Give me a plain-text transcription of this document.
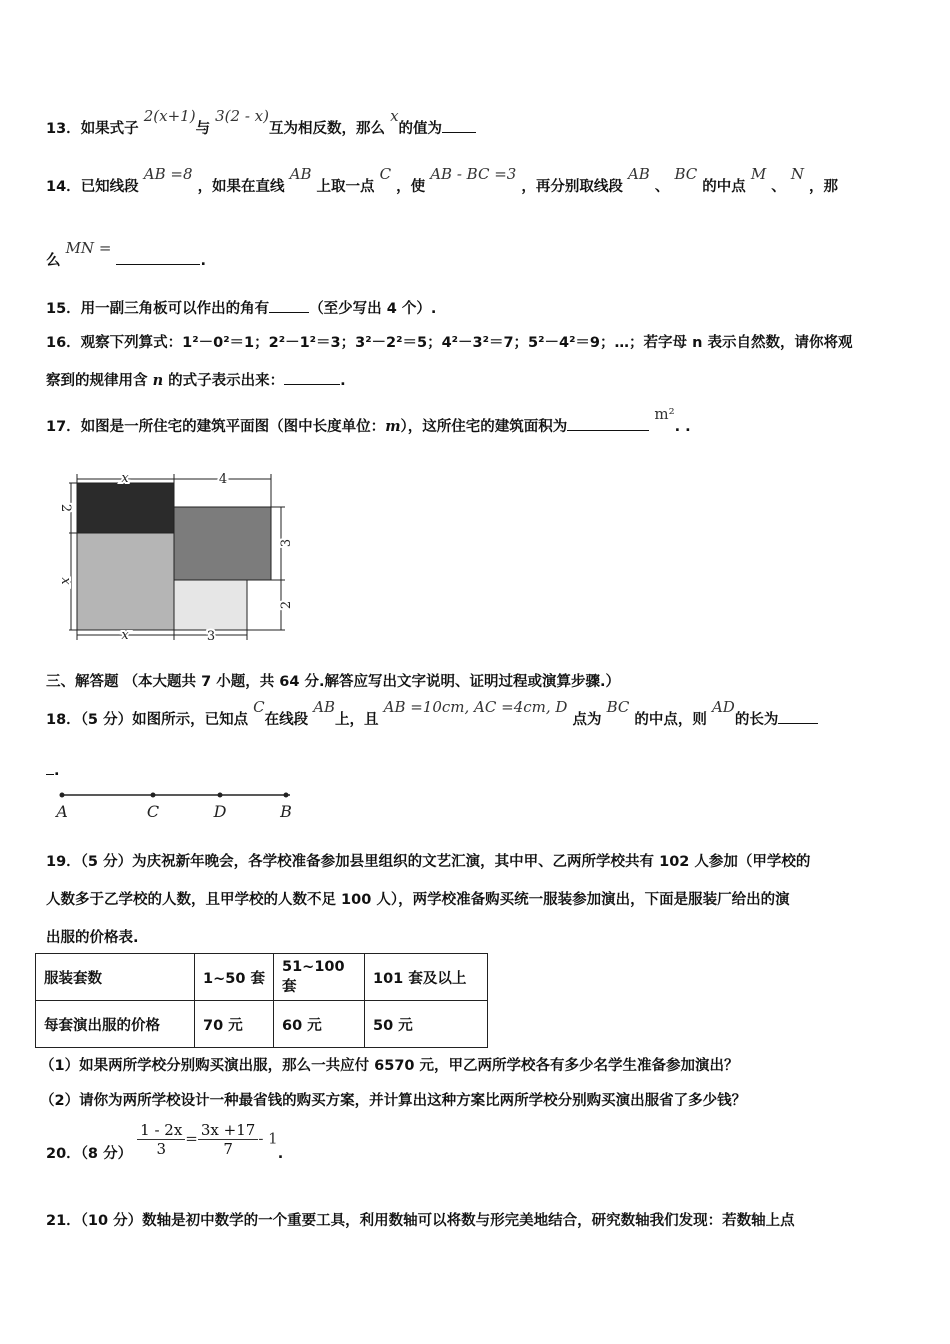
13．如果式子 2(x+1)与 3(2 - x)互为相反数，那么 x的值为
14．已知线段 AB =8 ，如果在直线 AB 上取一点 C ，使 AB - BC =3 ，再分别取线段 AB 、 BC 的中点 M 、 N ，那
么 MN = .
15．用一副三角板可以作出的角有	（至少写出 4 个）.
16．观察下列算式：1²－0²＝1；2²－1²＝3；3²－2²＝5；4²－3²＝7；5²－4²＝9；…；若字母 n 表示自然数，请你将观
察到的规律用含 n 的式子表示出来：	.
17．如图是一所住宅的建筑平面图（图中长度单位：m），这所住宅的建筑面积为 m². .
x	4
2
x
3
2
x	3
三、解答题 （本大题共 7 小题，共 64 分.解答应写出文字说明、证明过程或演算步骤.）
18．（5 分）如图所示，已知点 C在线段 AB上，且 AB =10cm, AC =4cm, D 点为 BC 的中点，则 AD的长为
.
A	C	D	B
19．（5 分）为庆祝新年晚会，各学校准备参加县里组织的文艺汇演，其中甲、乙两所学校共有 102 人参加（甲学校的
人数多于乙学校的人数，且甲学校的人数不足 100 人），两学校准备购买统一服装参加演出，下面是服装厂给出的演
出服的价格表.
服装套数	1~50 套	51~100 套	101 套及以上
每套演出服的价格	70 元	60 元	50 元
（1）如果两所学校分别购买演出服，那么一共应付 6570 元，甲乙两所学校各有多少名学生准备参加演出？
（2）请你为两所学校设计一种最省钱的购买方案，并计算出这种方案比两所学校分别购买演出服省了多少钱？
20．（8 分） $\frac{1 - 2x}{3} = \frac{3x +17}{7} - 1$.
21．（10 分）数轴是初中数学的一个重要工具，利用数轴可以将数与形完美地结合，研究数轴我们发现：若数轴上点
